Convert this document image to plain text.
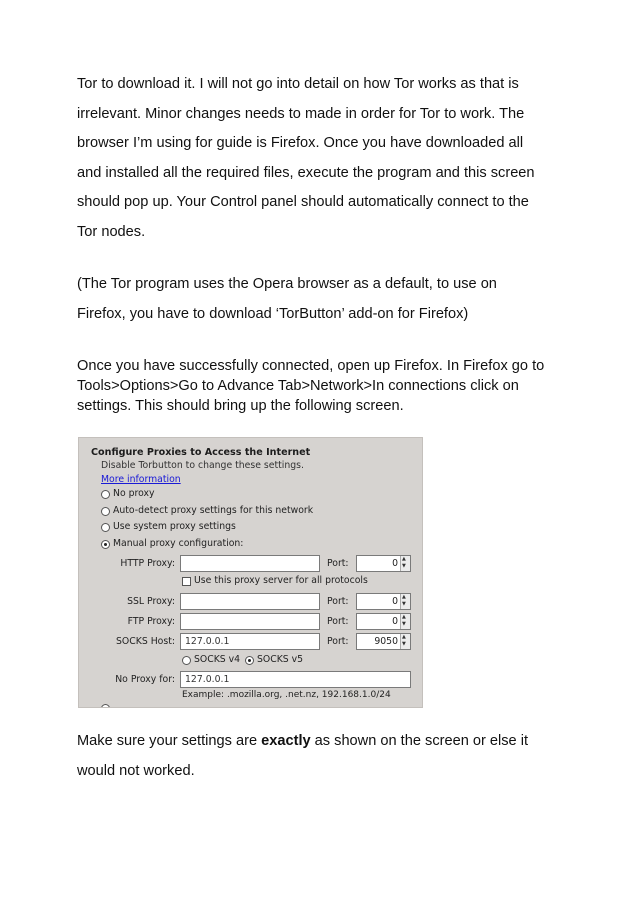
Tor to download it. I will not go into detail on how Tor works as that is
irrelevant. Minor changes needs to made in order for Tor to work. The
browser I’m using for guide is Firefox. Once you have downloaded all
and installed all the required files, execute the program and this screen
should pop up. Your Control panel should automatically connect to the
Tor nodes.
(The Tor program uses the Opera browser as a default, to use on
Firefox, you have to download ‘TorButton’ add-on for Firefox)
Once you have successfully connected, open up Firefox. In Firefox go to
Tools>Options>Go to Advance Tab>Network>In connections click on
settings. This should bring up the following screen.
Configure Proxies to Access the Internet
Disable Torbutton to change these settings.
More information
No proxy
Auto-detect proxy settings for this network
Use system proxy settings
Manual proxy configuration:
HTTP Proxy:	Port:	0 ▲
▼
Use this proxy server for all protocols
SSL Proxy:	Port:	0 ▲
▼
FTP Proxy:	Port:	0 ▲
▼
SOCKS Host:	127.0.0.1	Port:	9050 ▲
▼
SOCKS v4 SOCKS v5
No Proxy for:	127.0.0.1
Example: .mozilla.org, .net.nz, 192.168.1.0/24
Make sure your settings are exactly as shown on the screen or else it
would not worked.
